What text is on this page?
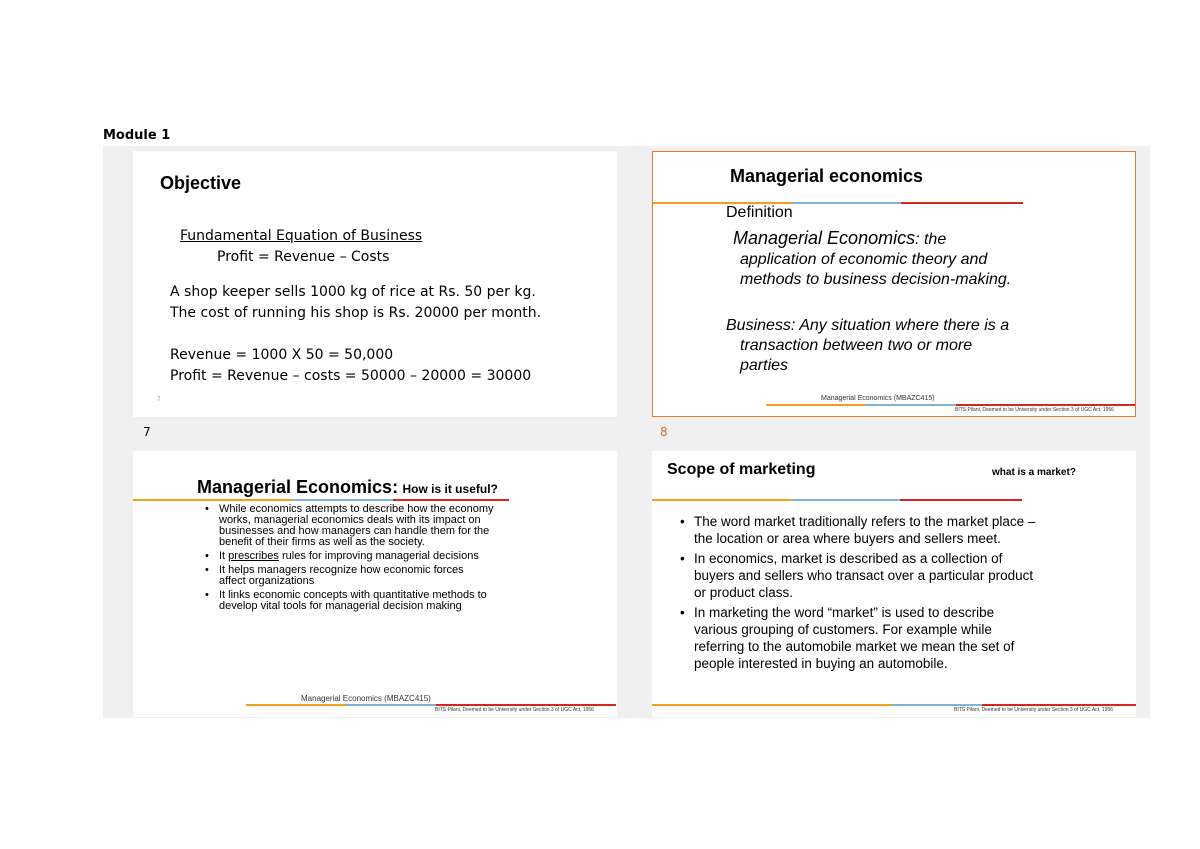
Module 1
Objective
Fundamental Equation of Business
Profit = Revenue – Costs
A shop keeper sells 1000 kg of rice at Rs. 50 per kg.
The cost of running his shop is Rs. 20000 per month.
Revenue = 1000 X 50 = 50,000
Profit = Revenue – costs = 50000 – 20000 = 30000
7
Managerial economics
Definition
Managerial Economics: the
application of economic theory and
methods to business decision-making.
Business: Any situation where there is a
transaction between two or more
parties
Managerial Economics (MBAZC415)
BITS Pilani, Deemed to be University under Section 3 of UGC Act, 1956
Managerial Economics: How is it useful?
• While economics attempts to describe how the economy
works, managerial economics deals with its impact on
businesses and how managers can handle them for the
benefit of their firms as well as the society.
• It prescribes rules for improving managerial decisions
• It helps managers recognize how economic forces
affect organizations
• It links economic concepts with quantitative methods to
develop vital tools for managerial decision making
Managerial Economics (MBAZC415)
BITS Pilani, Deemed to be University under Section 3 of UGC Act, 1956
Scope of marketing	what is a market?
• The word market traditionally refers to the market place –
the location or area where buyers and sellers meet.
• In economics, market is described as a collection of
buyers and sellers who transact over a particular product
or product class.
• In marketing the word “market” is used to describe
various grouping of customers. For example while
referring to the automobile market we mean the set of
people interested in buying an automobile.
BITS Pilani, Deemed to be University under Section 3 of UGC Act, 1956
7	8
